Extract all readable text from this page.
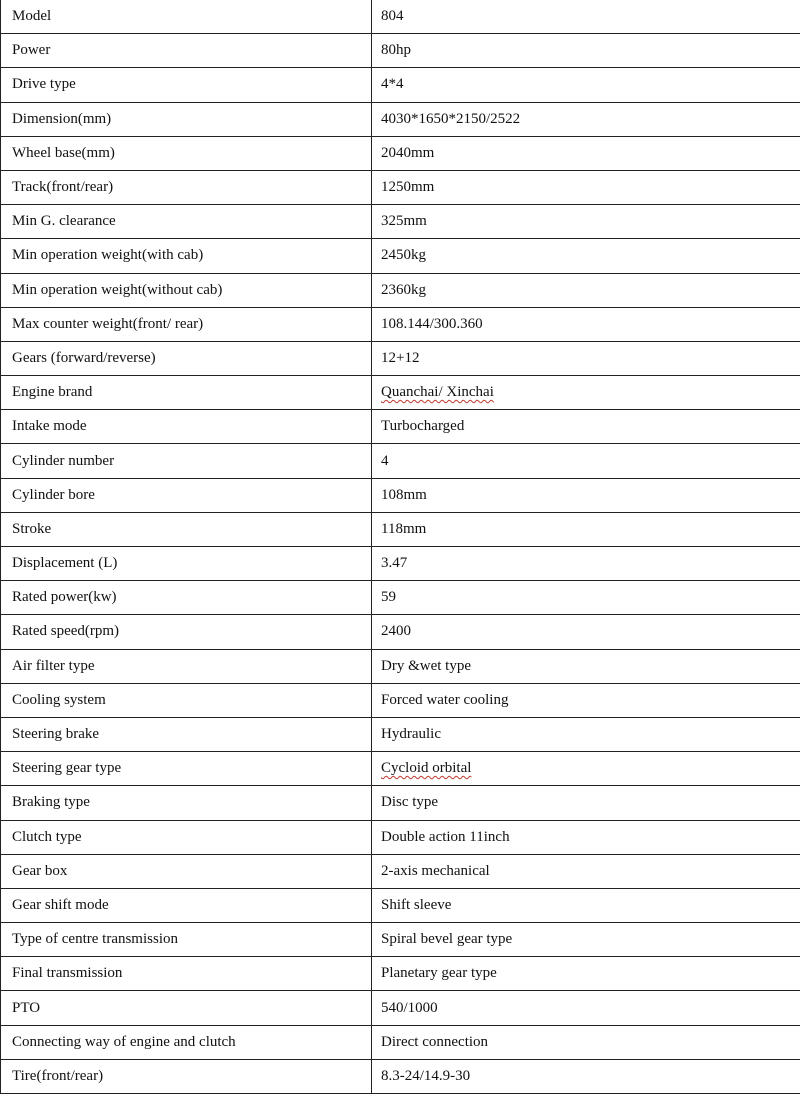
Model	804
Power	80hp
Drive type	4*4
Dimension(mm)	4030*1650*2150/2522
Wheel base(mm)	2040mm
Track(front/rear)	1250mm
Min G. clearance	325mm
Min operation weight(with cab)	2450kg
Min operation weight(without cab)	2360kg
Max counter weight(front/ rear)	108.144/300.360
Gears (forward/reverse)	12+12
Engine brand	Quanchai/ Xinchai
Intake mode	Turbocharged
Cylinder number	4
Cylinder bore	108mm
Stroke	118mm
Displacement (L)	3.47
Rated power(kw)	59
Rated speed(rpm)	2400
Air filter type	Dry &wet type
Cooling system	Forced water cooling
Steering brake	Hydraulic
Steering gear type	Cycloid orbital
Braking type	Disc type
Clutch type	Double action 11inch
Gear box	2-axis mechanical
Gear shift mode	Shift sleeve
Type of centre transmission	Spiral bevel gear type
Final transmission	Planetary gear type
PTO	540/1000
Connecting way of engine and clutch	Direct connection
Tire(front/rear)	8.3-24/14.9-30
